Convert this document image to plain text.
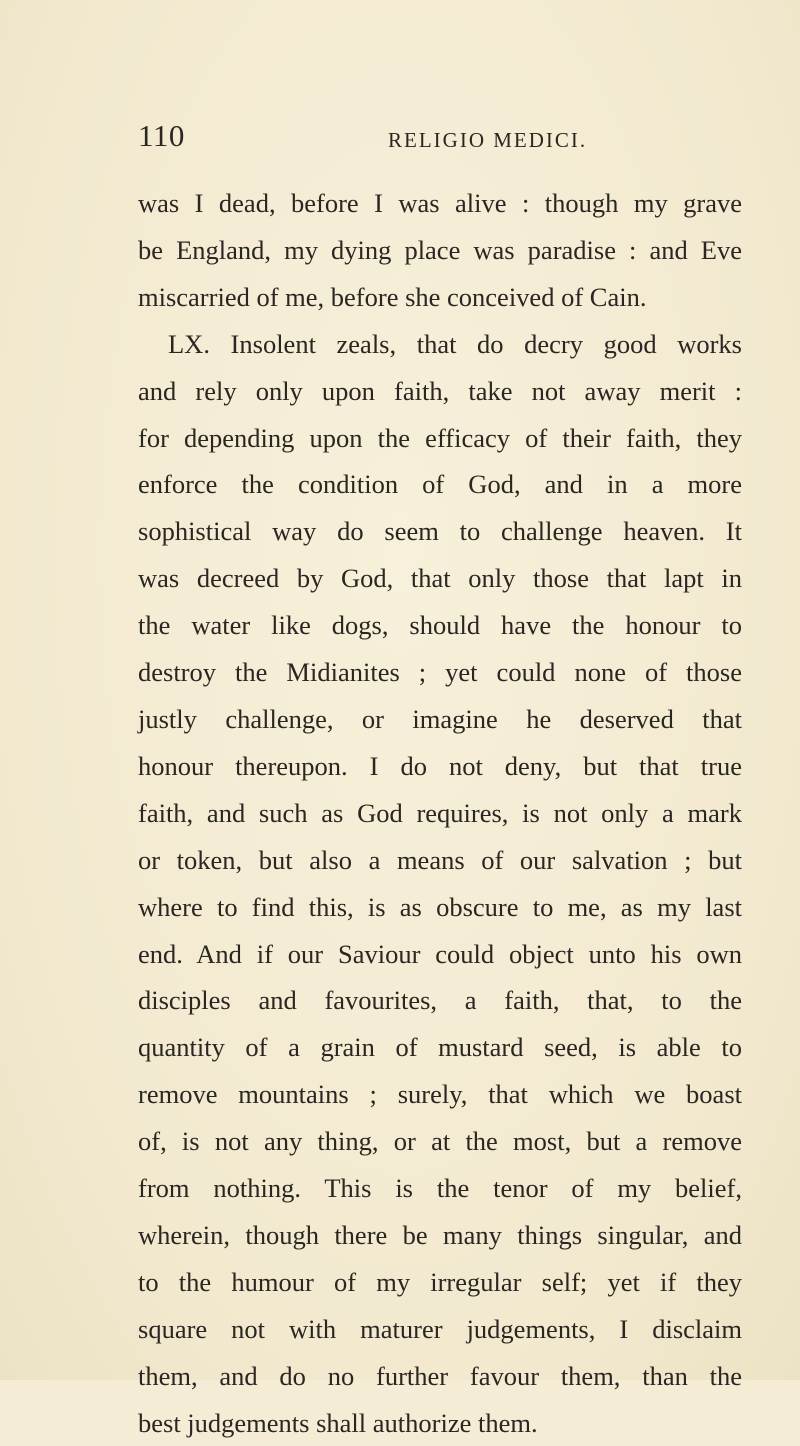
110	RELIGIO MEDICI.
was I dead, before I was alive : though my grave
be England, my dying place was paradise : and Eve
miscarried of me, before she conceived of Cain.
LX. Insolent zeals, that do decry good works
and rely only upon faith, take not away merit :
for depending upon the efficacy of their faith, they
enforce the condition of God, and in a more
sophistical way do seem to challenge heaven. It
was decreed by God, that only those that lapt in
the water like dogs, should have the honour to
destroy the Midianites ; yet could none of those
justly challenge, or imagine he deserved that
honour thereupon. I do not deny, but that true
faith, and such as God requires, is not only a mark
or token, but also a means of our salvation ; but
where to find this, is as obscure to me, as my last
end. And if our Saviour could object unto his own
disciples and favourites, a faith, that, to the
quantity of a grain of mustard seed, is able to
remove mountains ; surely, that which we boast
of, is not any thing, or at the most, but a remove
from nothing. This is the tenor of my belief,
wherein, though there be many things singular, and
to the humour of my irregular self; yet if they
square not with maturer judgements, I disclaim
them, and do no further favour them, than the
best judgements shall authorize them.
